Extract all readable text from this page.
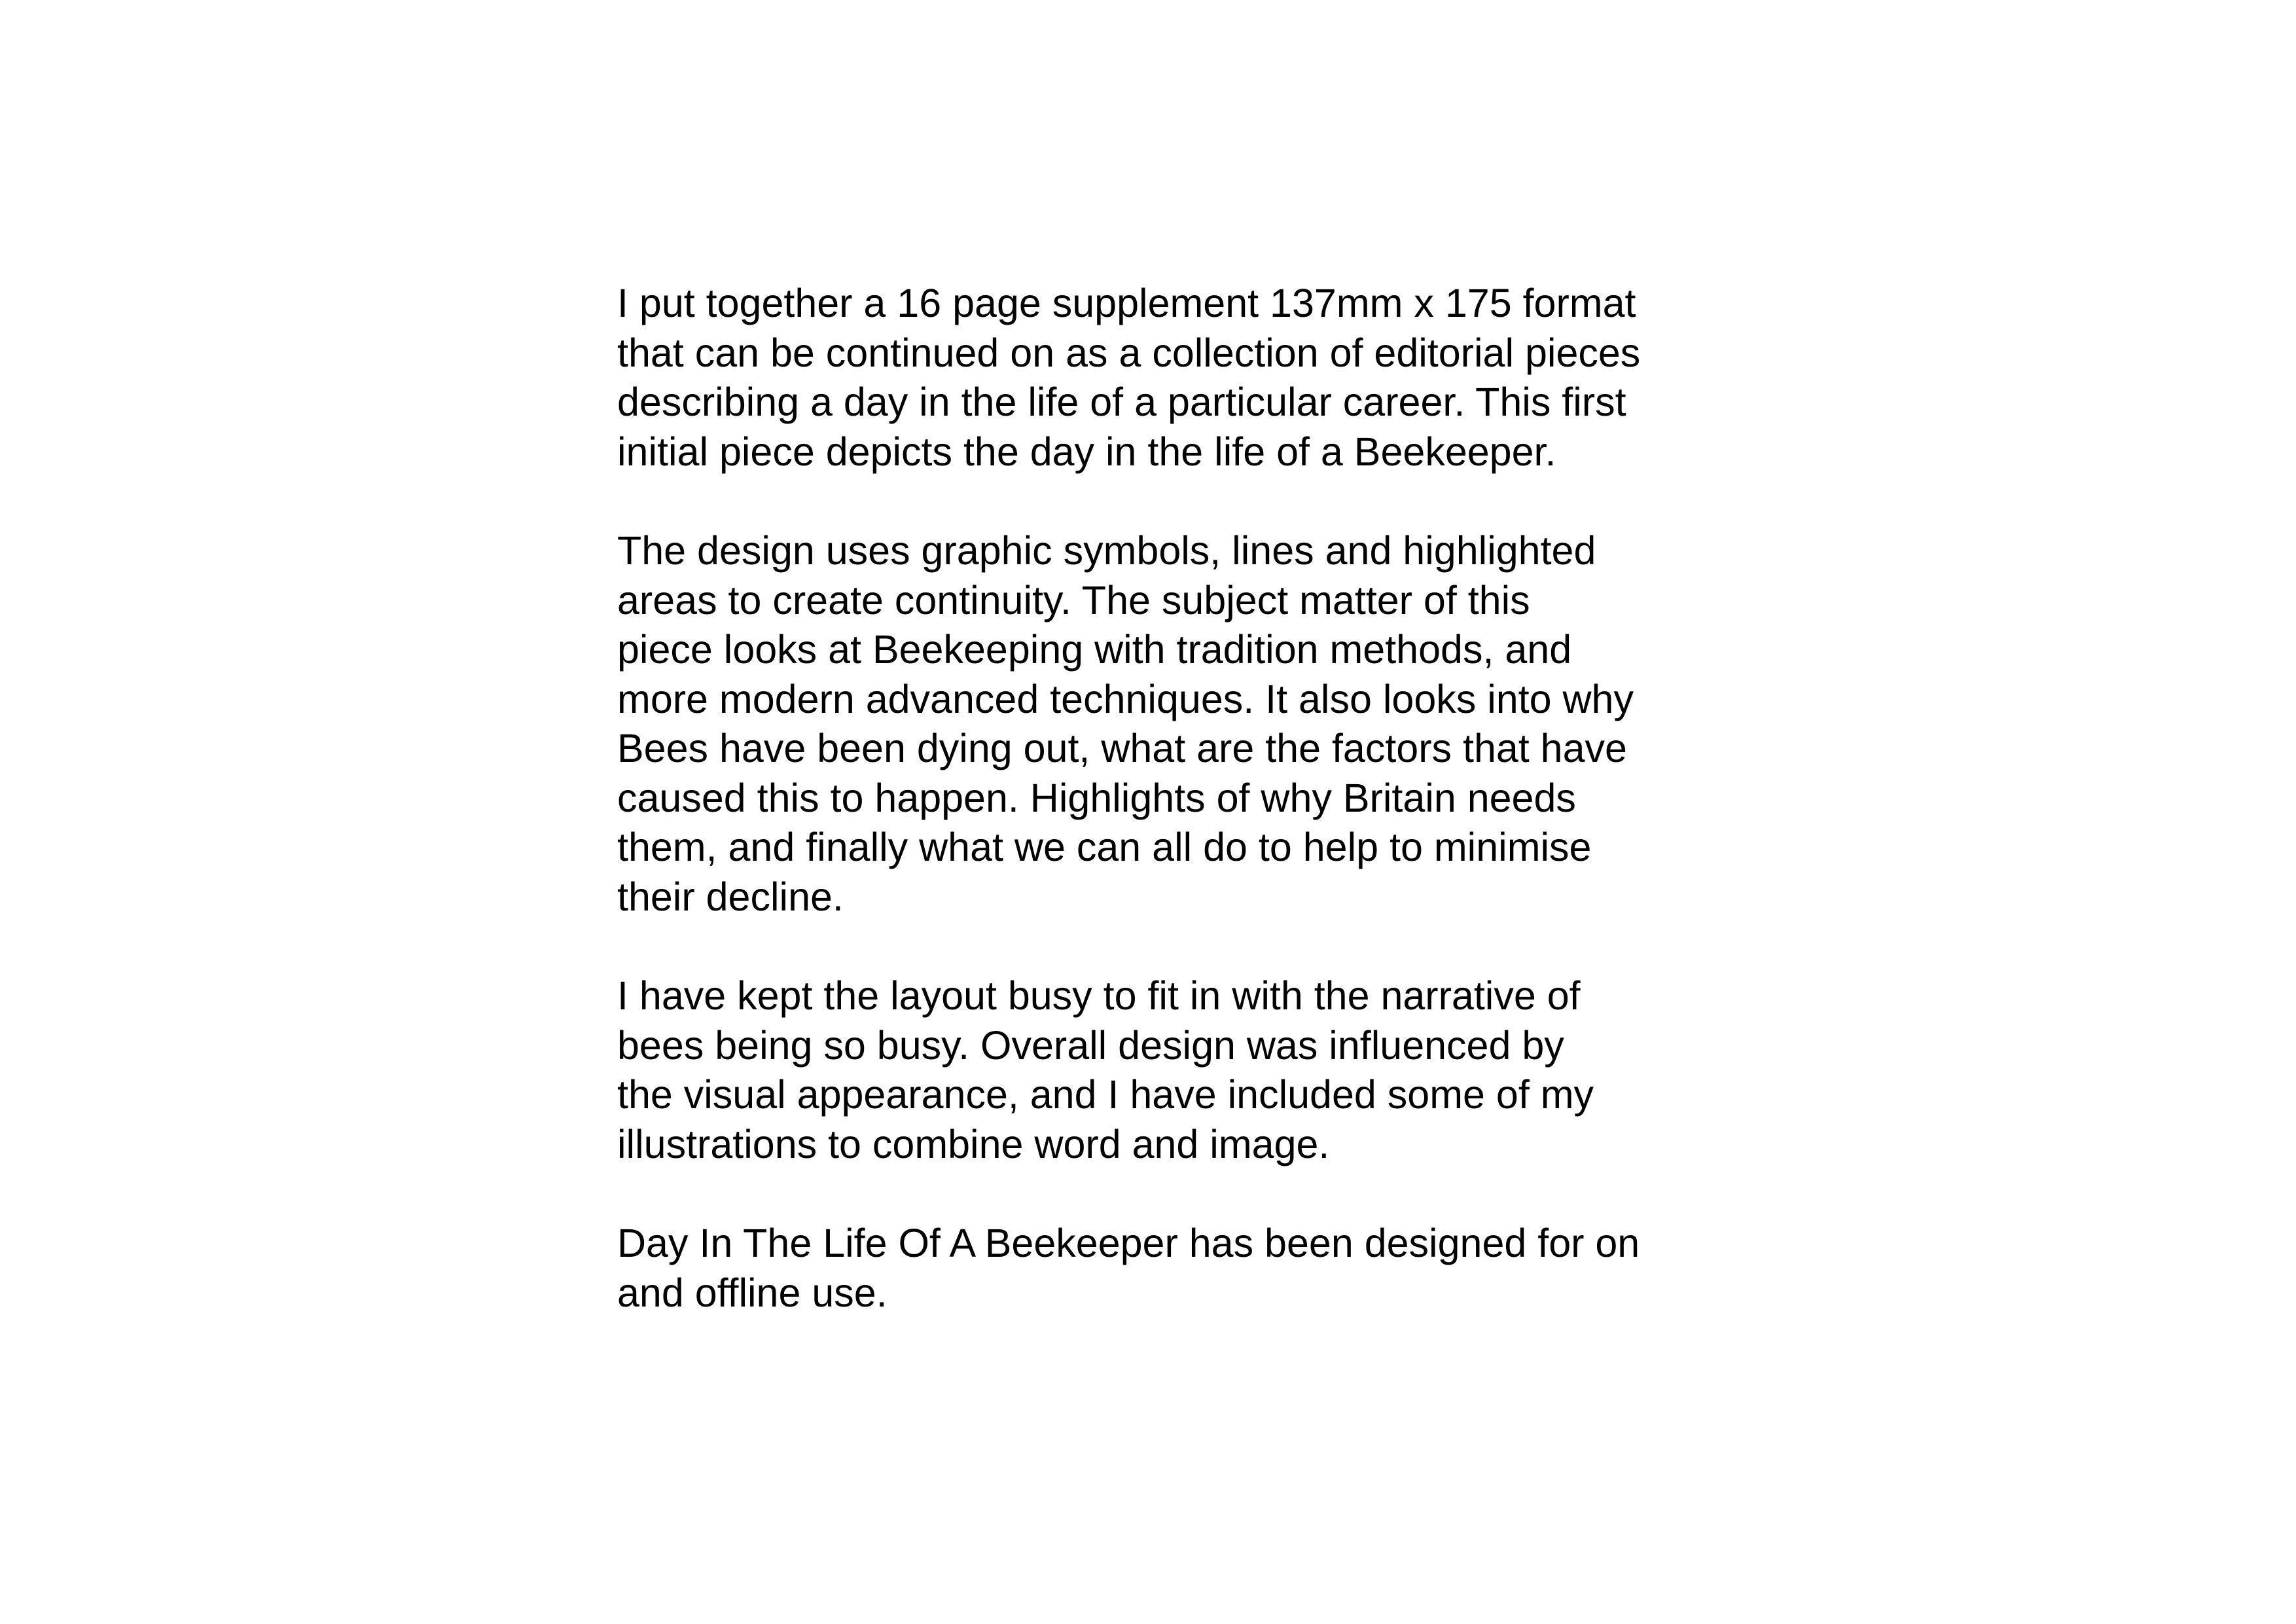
I put together a 16 page supplement 137mm x 175 format
that can be continued on as a collection of editorial pieces
describing a day in the life of a particular career. This first
initial piece depicts the day in the life of a Beekeeper.

The design uses graphic symbols, lines and highlighted
areas to create continuity. The subject matter of this
piece looks at Beekeeping with tradition methods, and
more modern advanced techniques. It also looks into why
Bees have been dying out, what are the factors that have
caused this to happen. Highlights of why Britain needs
them, and finally what we can all do to help to minimise
their decline.

I have kept the layout busy to fit in with the narrative of
bees being so busy. Overall design was influenced by
the visual appearance, and I have included some of my
illustrations to combine word and image.

Day In The Life Of A Beekeeper has been designed for on
and offline use.
